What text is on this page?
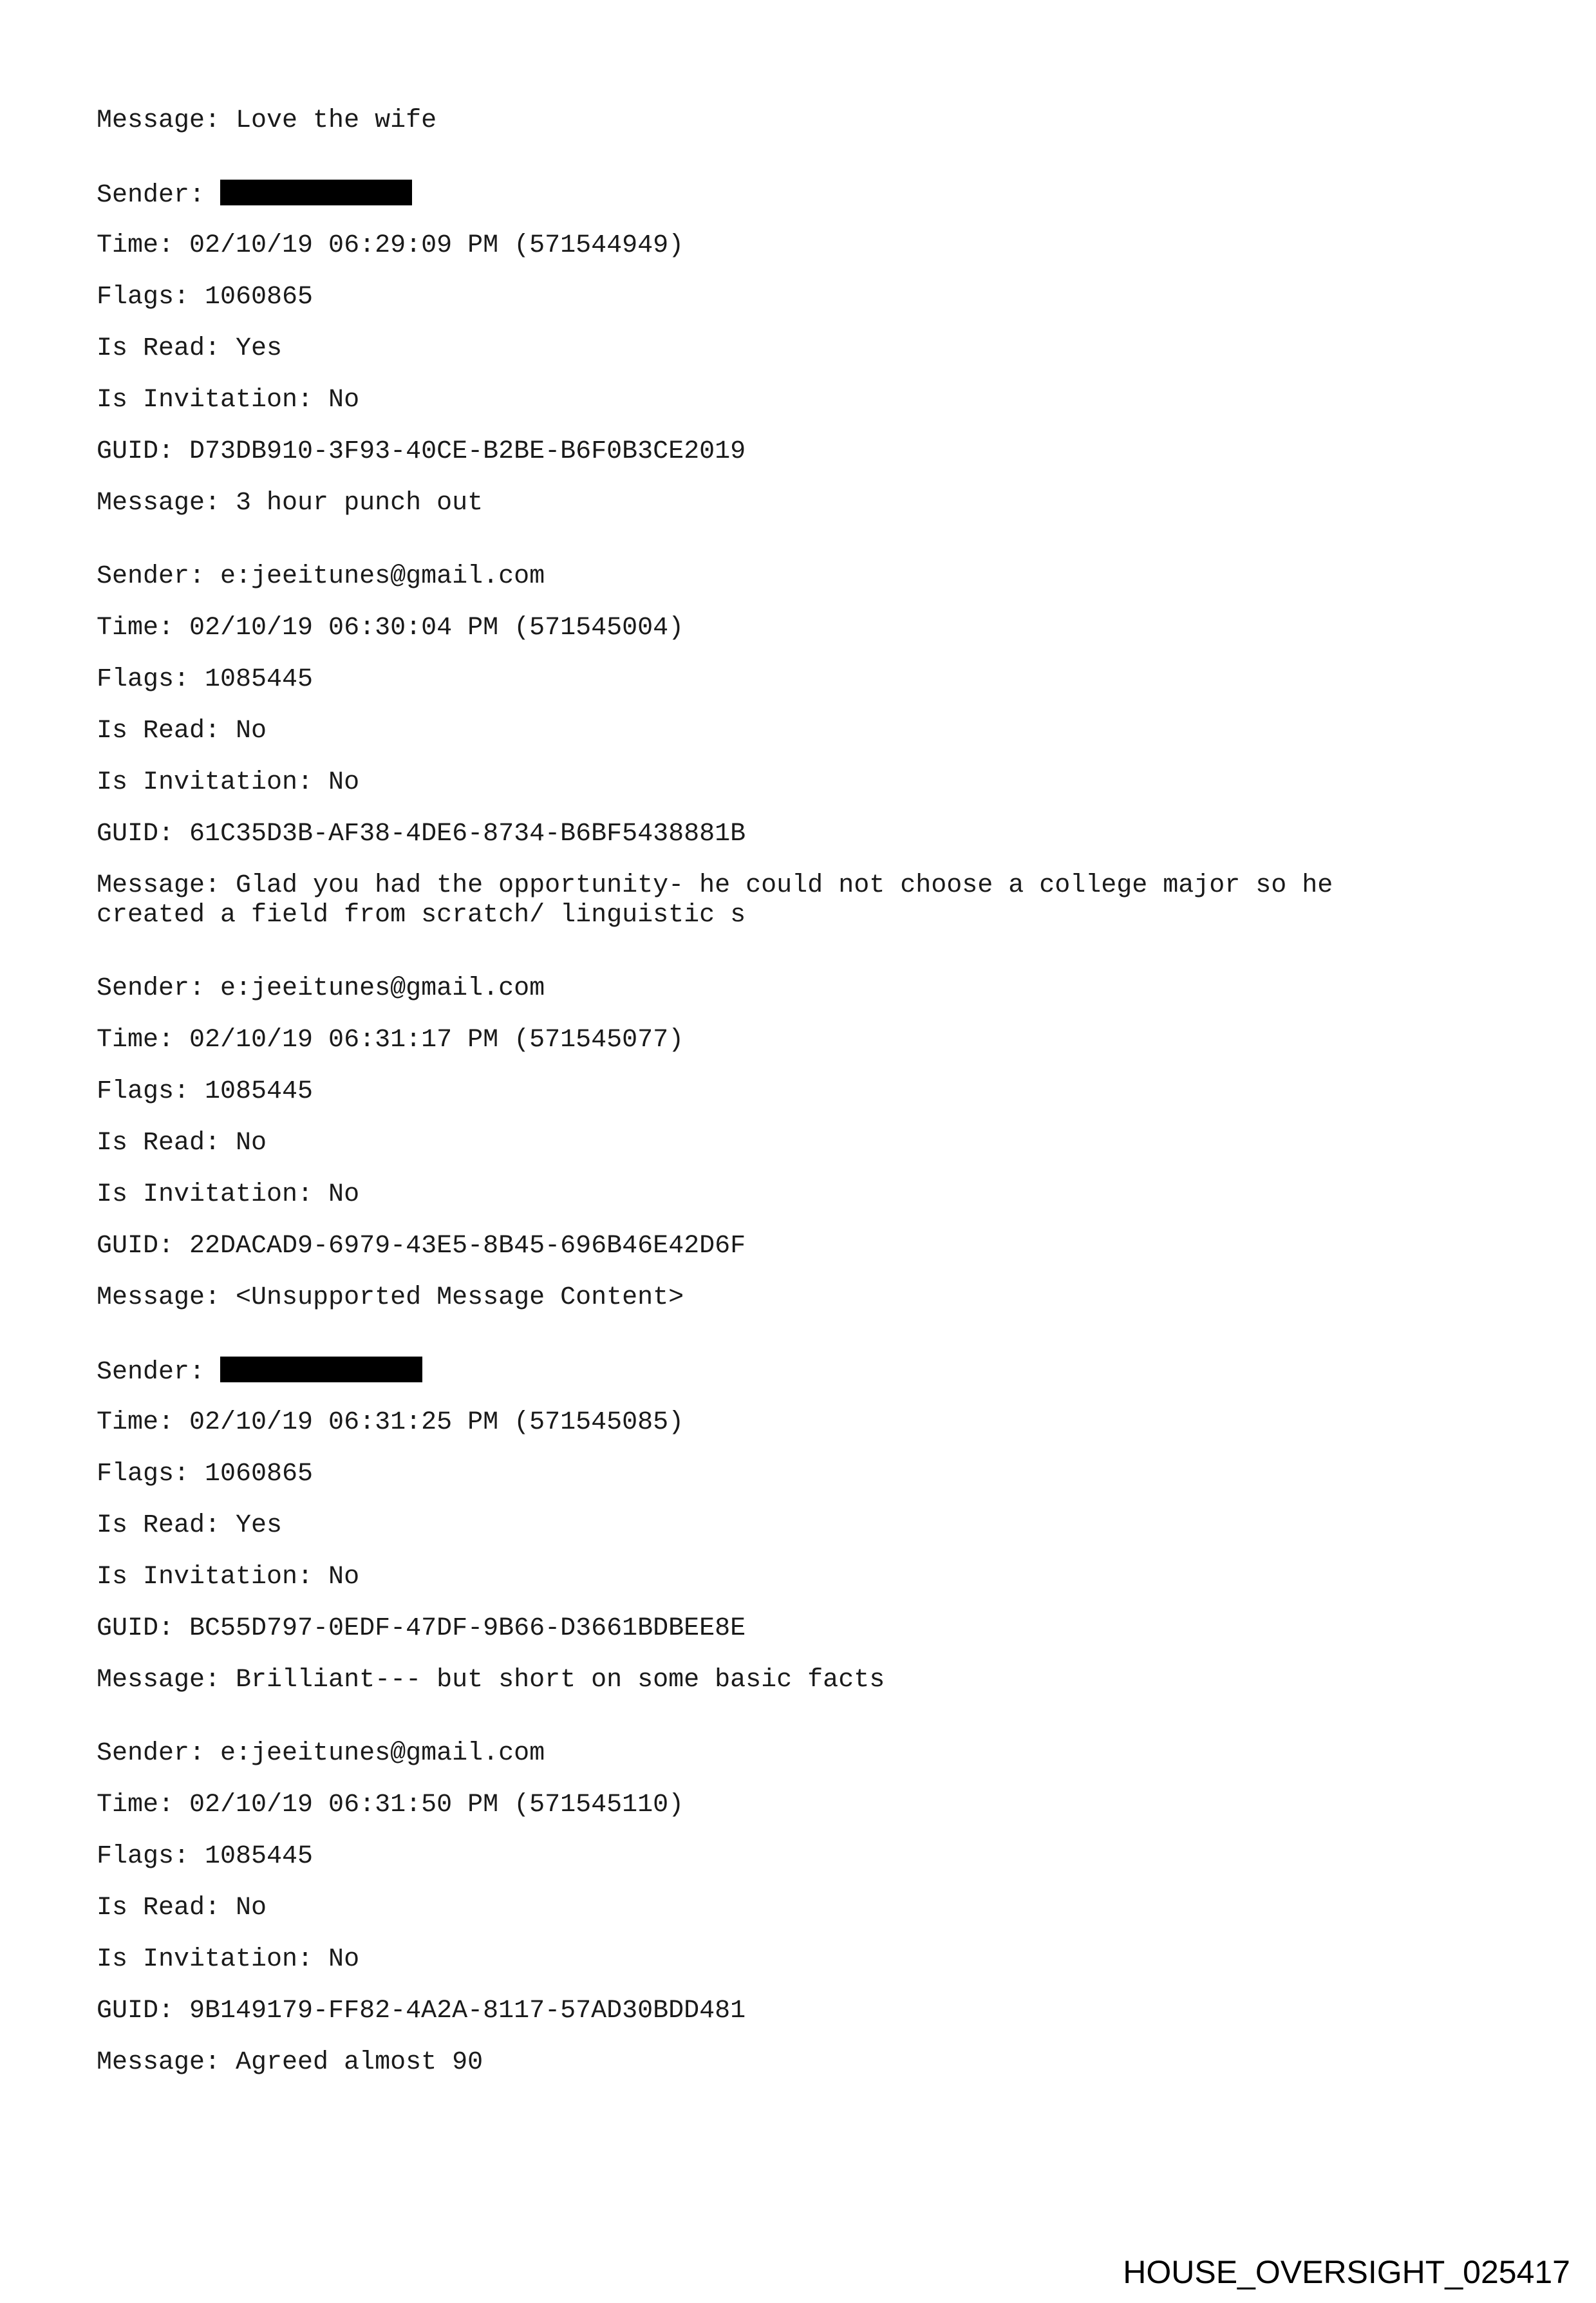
Message: Love the wife

Sender:

Time: 02/10/19 06:29:09 PM (571544949)

Flags: 1060865

Is Read: Yes

Is Invitation: No

GUID: D73DB910-3F93-40CE-B2BE-B6F0B3CE2019

Message: 3 hour punch out

Sender: e:jeeitunes@gmail.com

Time: 02/10/19 06:30:04 PM (571545004)

Flags: 1085445

Is Read: No

Is Invitation: No

GUID: 61C35D3B-AF38-4DE6-8734-B6BF5438881B

Message: Glad you had the opportunity- he could not choose a college major so he

created a field from scratch/ linguistic s

Sender: e:jeeitunes@gmail.com

Time: 02/10/19 06:31:17 PM (571545077)

Flags: 1085445

Is Read: No

Is Invitation: No

GUID: 22DACAD9-6979-43E5-8B45-696B46E42D6F

Message: <Unsupported Message Content>

Sender:

Time: 02/10/19 06:31:25 PM (571545085)

Flags: 1060865

Is Read: Yes

Is Invitation: No

GUID: BC55D797-0EDF-47DF-9B66-D3661BDBEE8E

Message: Brilliant--- but short on some basic facts

Sender: e:jeeitunes@gmail.com

Time: 02/10/19 06:31:50 PM (571545110)

Flags: 1085445

Is Read: No

Is Invitation: No

GUID: 9B149179-FF82-4A2A-8117-57AD30BDD481

Message: Agreed almost 90

HOUSE_OVERSIGHT_025417
